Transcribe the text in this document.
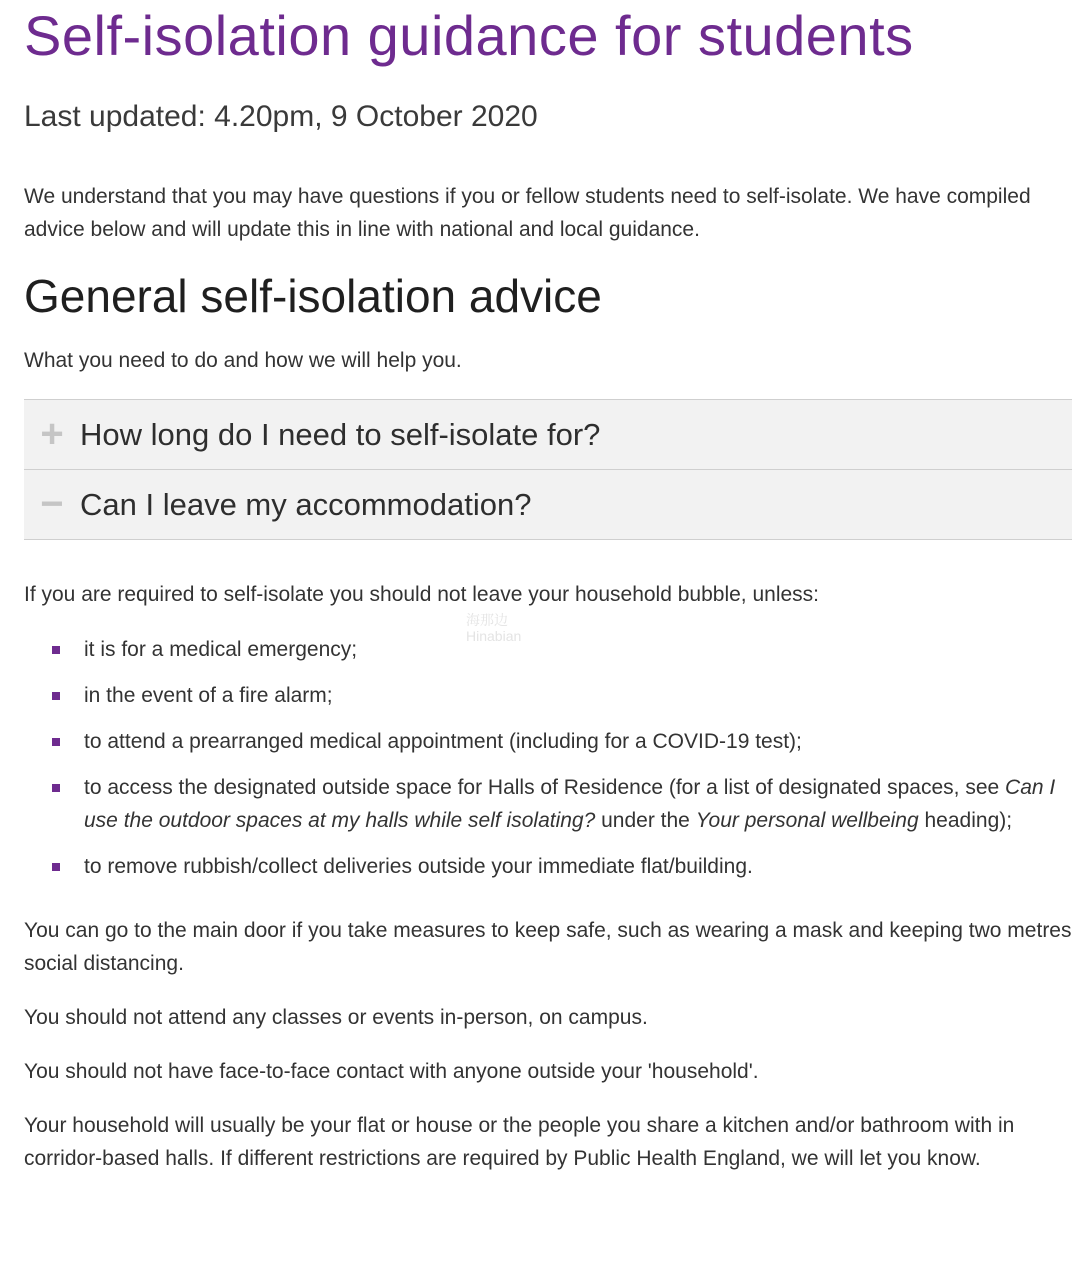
Self-isolation guidance for students
Last updated: 4.20pm, 9 October 2020

We understand that you may have questions if you or fellow students need to self-isolate. We have compiled advice below and will update this in line with national and local guidance.

General self-isolation advice

What you need to do and how we will help you.

+ How long do I need to self-isolate for?
− Can I leave my accommodation?

If you are required to self-isolate you should not leave your household bubble, unless:

it is for a medical emergency;
in the event of a fire alarm;
to attend a prearranged medical appointment (including for a COVID-19 test);
to access the designated outside space for Halls of Residence (for a list of designated spaces, see Can I use the outdoor spaces at my halls while self isolating? under the Your personal wellbeing heading);
to remove rubbish/collect deliveries outside your immediate flat/building.

You can go to the main door if you take measures to keep safe, such as wearing a mask and keeping two metres social distancing.

You should not attend any classes or events in-person, on campus.

You should not have face-to-face contact with anyone outside your 'household'.

Your household will usually be your flat or house or the people you share a kitchen and/or bathroom with in corridor-based halls. If different restrictions are required by Public Health England, we will let you know.

海那边
Hinabian
